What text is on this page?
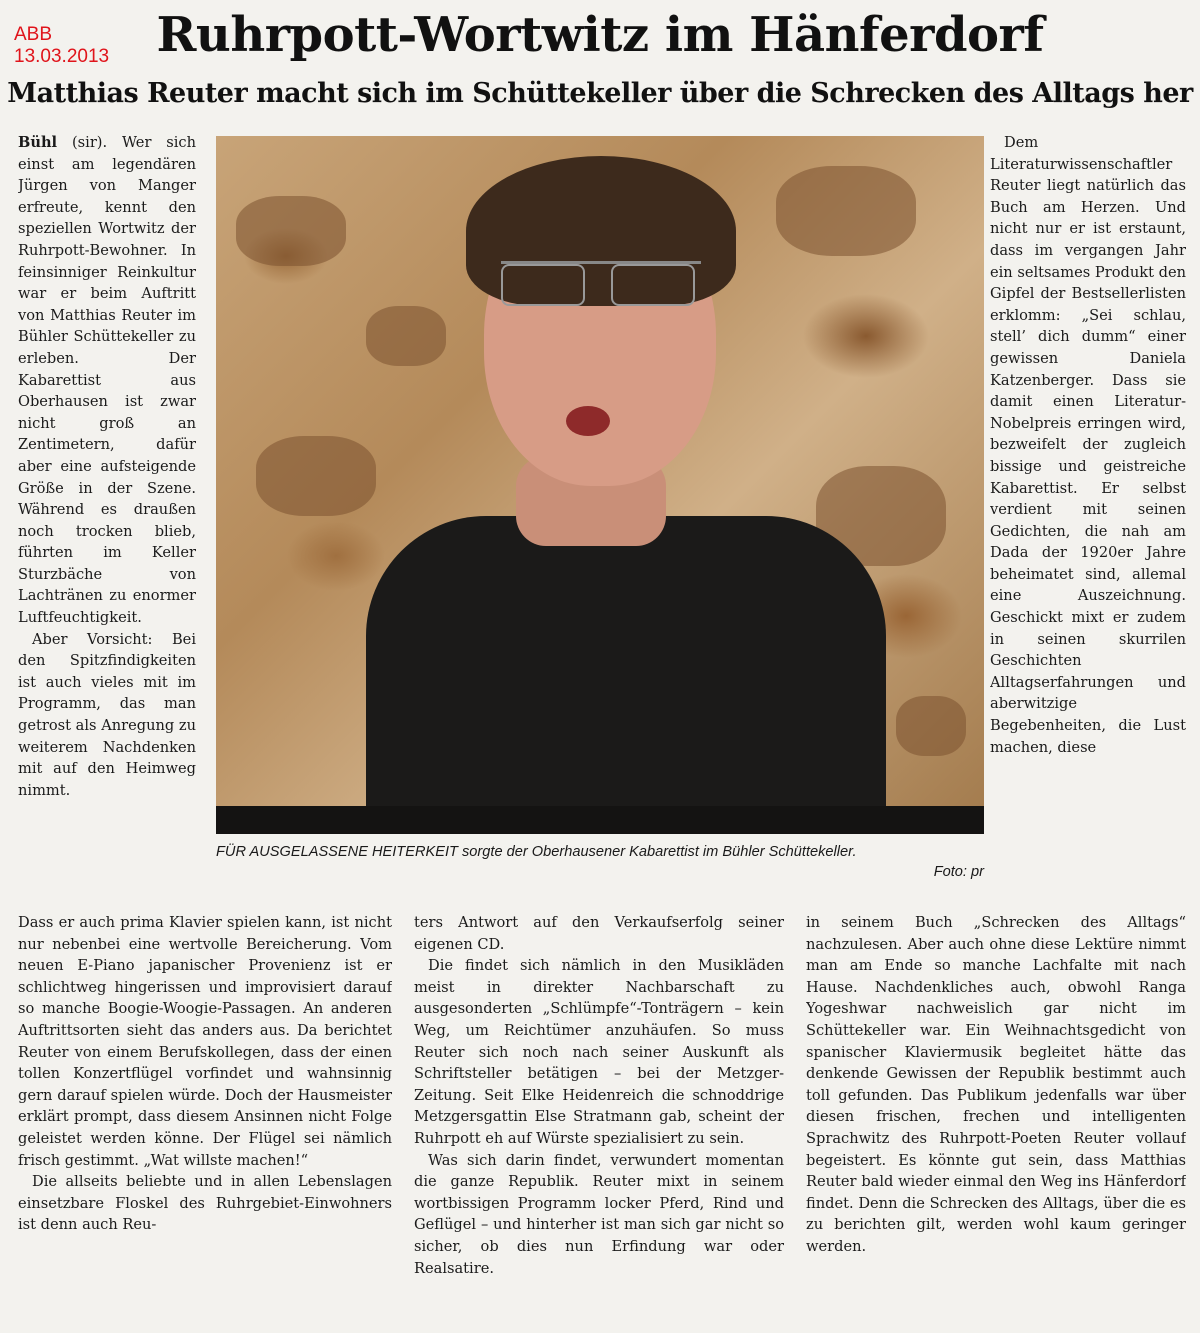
ABB
13.03.2013 Ruhrpott-Wortwitz im Hänferdorf
Matthias Reuter macht sich im Schüttekeller über die Schrecken des Alltags her
FÜR AUSGELASSENE HEITERKEIT sorgte der Oberhausener Kabarettist im Bühler Schüttekeller.
Foto: pr

Bühl (sir). Wer sich einst am legendären Jürgen von Manger erfreute, kennt den speziellen Wortwitz der Ruhrpott-Bewohner. In feinsinniger Reinkultur war er beim Auftritt von Matthias Reuter im Bühler Schüttekeller zu erleben. Der Kabarettist aus Oberhausen ist zwar nicht groß an Zentimetern, dafür aber eine aufsteigende Größe in der Szene. Während es draußen noch trocken blieb, führten im Keller Sturzbäche von Lachtränen zu enormer Luftfeuchtigkeit.

Aber Vorsicht: Bei den Spitzfindigkeiten ist auch vieles mit im Programm, das man getrost als Anregung zu weiterem Nachdenken mit auf den Heimweg nimmt.

Dass er auch prima Klavier spielen kann, ist nicht nur nebenbei eine wertvolle Bereicherung. Vom neuen E-Piano japanischer Provenienz ist er schlichtweg hingerissen und improvisiert darauf so manche Boogie-Woogie-Passagen. An anderen Auftrittsorten sieht das anders aus. Da berichtet Reuter von einem Berufskollegen, dass der einen tollen Konzertflügel vorfindet und wahnsinnig gern darauf spielen würde. Doch der Hausmeister erklärt prompt, dass diesem Ansinnen nicht Folge geleistet werden könne. Der Flügel sei nämlich frisch gestimmt. „Wat willste machen!“

Die allseits beliebte und in allen Lebenslagen einsetzbare Floskel des Ruhrgebiet-Einwohners ist denn auch Reu-

ters Antwort auf den Verkaufserfolg seiner eigenen CD.

Die findet sich nämlich in den Musikläden meist in direkter Nachbarschaft zu ausgesonderten „Schlümpfe“-Tonträgern – kein Weg, um Reichtümer anzuhäufen. So muss Reuter sich noch nach seiner Auskunft als Schriftsteller betätigen – bei der Metzger-Zeitung. Seit Elke Heidenreich die schnoddrige Metzgersgattin Else Stratmann gab, scheint der Ruhrpott eh auf Würste spezialisiert zu sein.

Was sich darin findet, verwundert momentan die ganze Republik. Reuter mixt in seinem wortbissigen Programm locker Pferd, Rind und Geflügel – und hinterher ist man sich gar nicht so sicher, ob dies nun Erfindung war oder Realsatire.

Dem Literaturwissenschaftler Reuter liegt natürlich das Buch am Herzen. Und nicht nur er ist erstaunt, dass im vergangen Jahr ein seltsames Produkt den Gipfel der Bestsellerlisten erklomm: „Sei schlau, stell’ dich dumm“ einer gewissen Daniela Katzenberger. Dass sie damit einen Literatur-Nobelpreis erringen wird, bezweifelt der zugleich bissige und geistreiche Kabarettist. Er selbst verdient mit seinen Gedichten, die nah am Dada der 1920er Jahre beheimatet sind, allemal eine Auszeichnung. Geschickt mixt er zudem in seinen skurrilen Geschichten Alltagserfahrungen und aberwitzige Begebenheiten, die Lust machen, diese

in seinem Buch „Schrecken des Alltags“ nachzulesen. Aber auch ohne diese Lektüre nimmt man am Ende so manche Lachfalte mit nach Hause. Nachdenkliches auch, obwohl Ranga Yogeshwar nachweislich gar nicht im Schüttekeller war. Ein Weihnachtsgedicht von spanischer Klaviermusik begleitet hätte das denkende Gewissen der Republik bestimmt auch toll gefunden. Das Publikum jedenfalls war über diesen frischen, frechen und intelligenten Sprachwitz des Ruhrpott-Poeten Reuter vollauf begeistert. Es könnte gut sein, dass Matthias Reuter bald wieder einmal den Weg ins Hänferdorf findet. Denn die Schrecken des Alltags, über die es zu berichten gilt, werden wohl kaum geringer werden.
